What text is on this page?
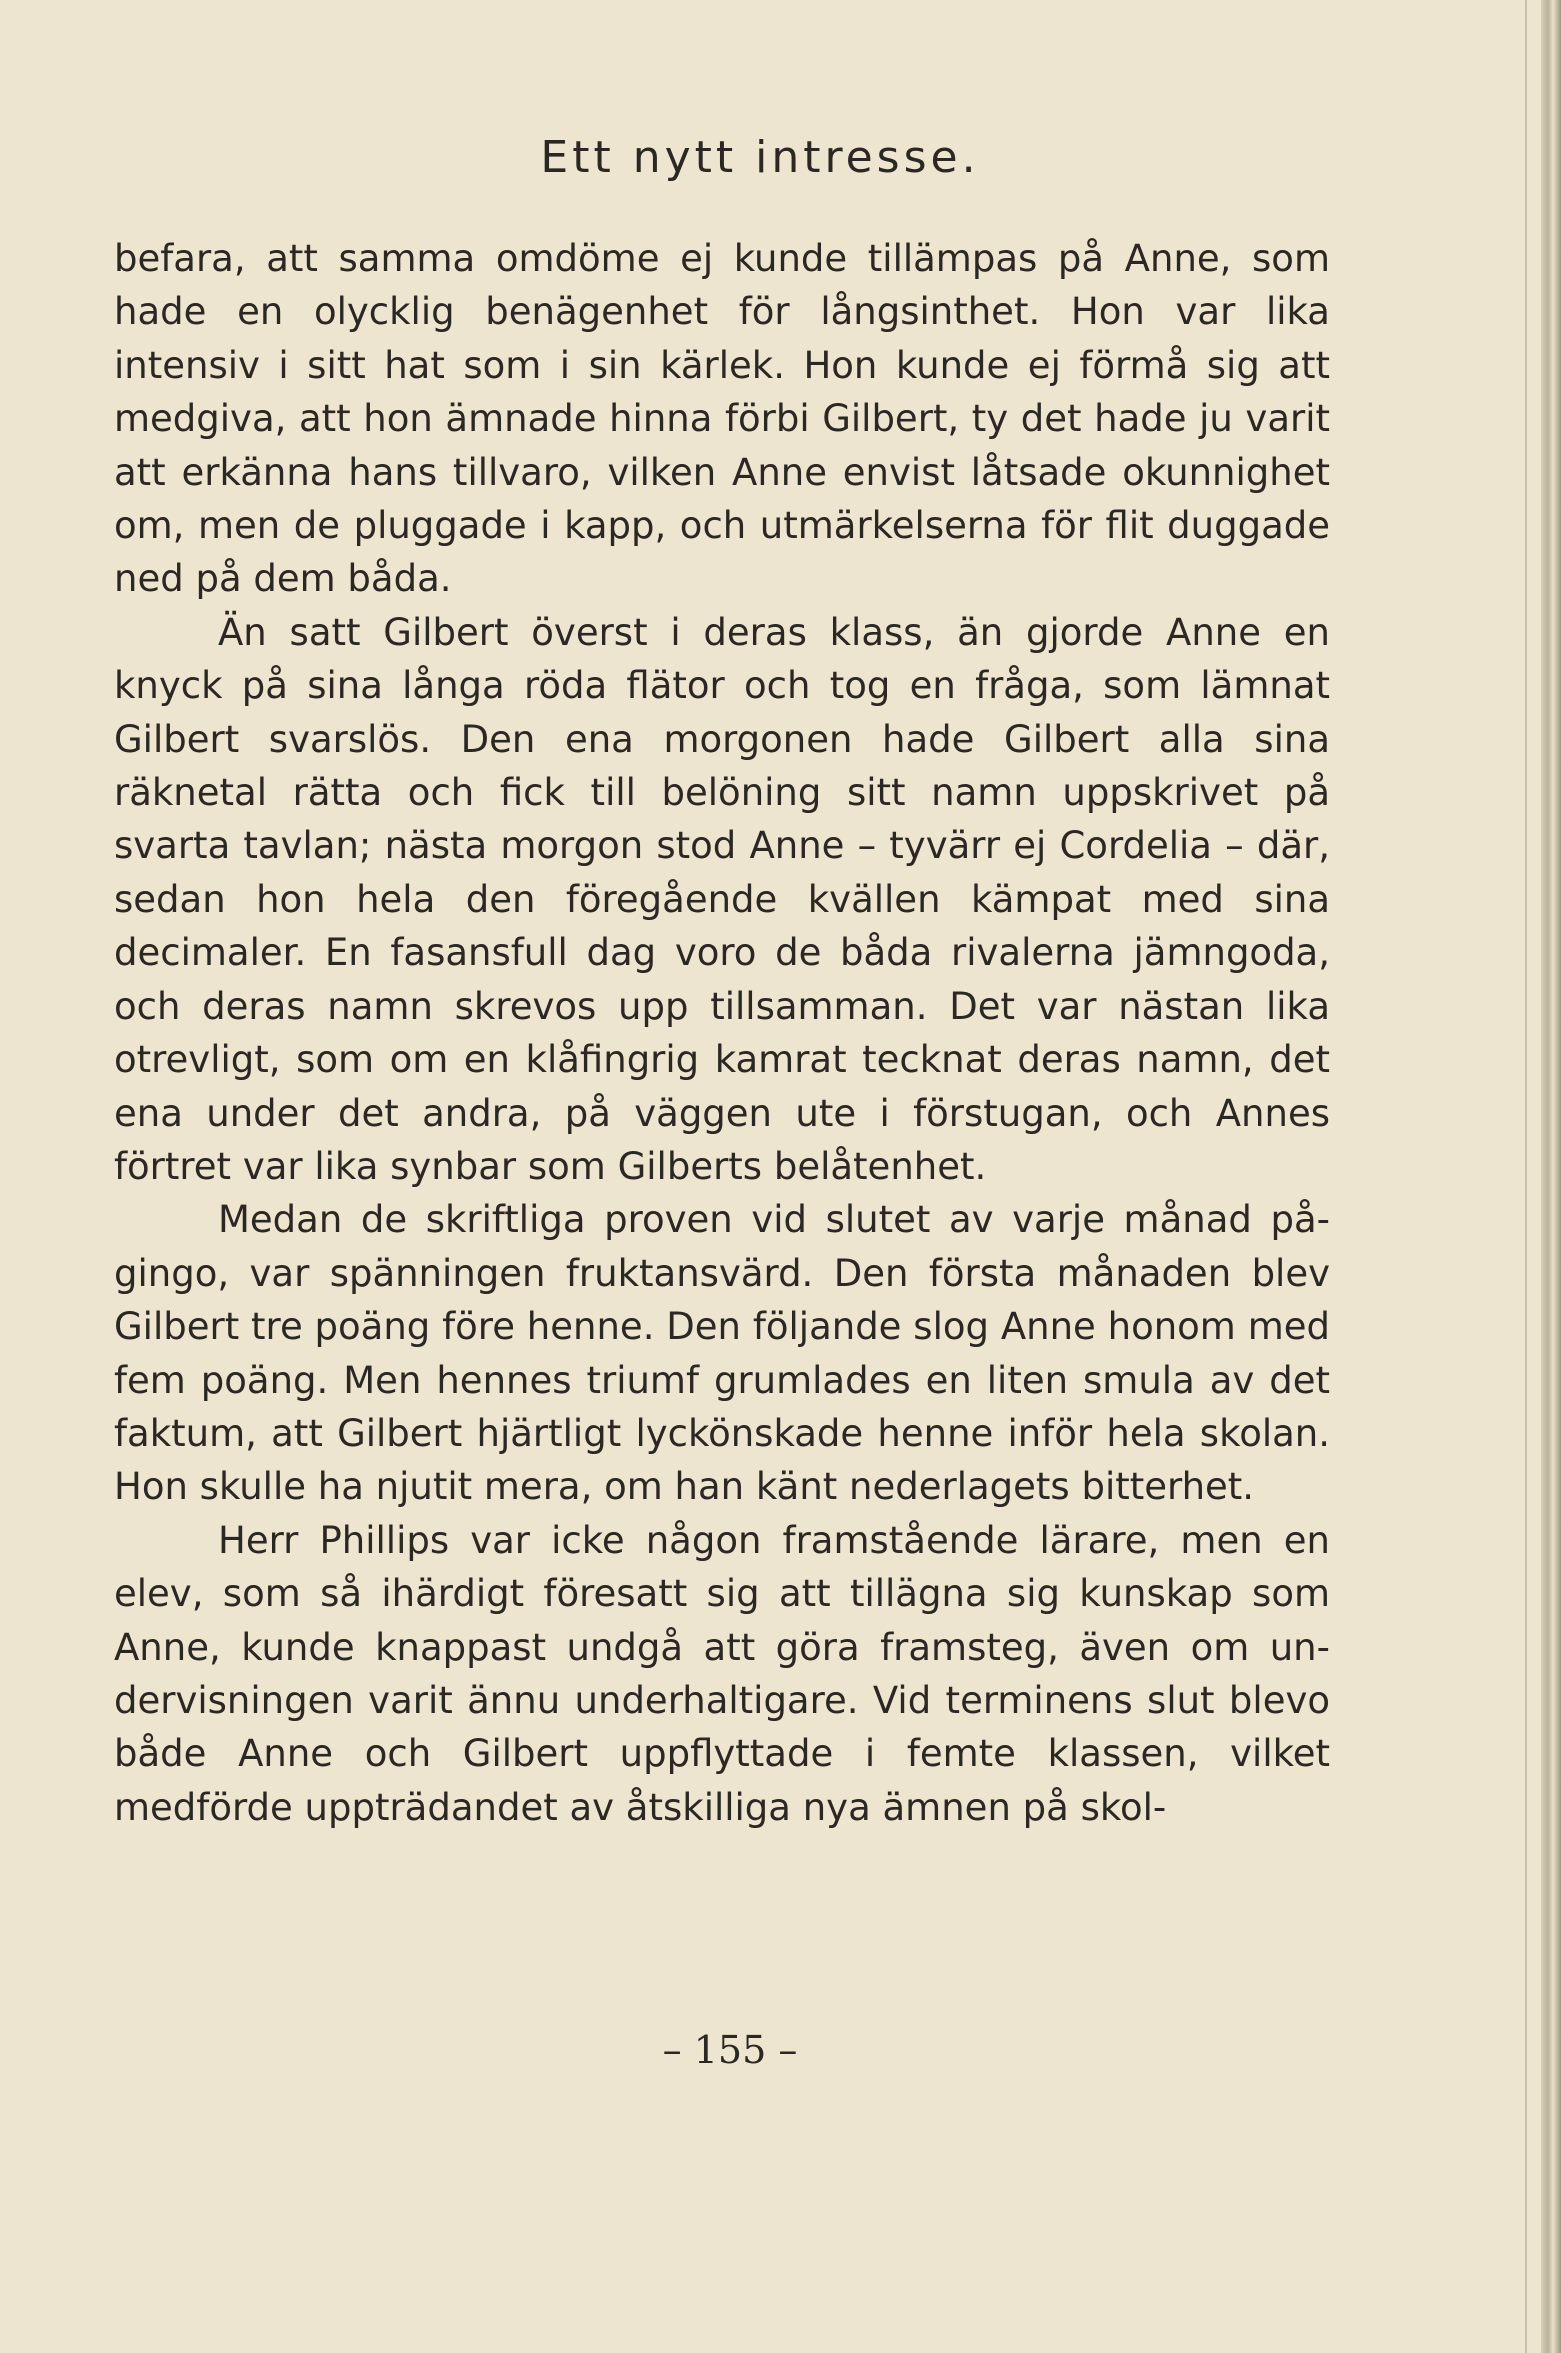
Ett nytt intresse.

befara, att samma omdöme ej kunde tillämpas på Anne, som hade en olycklig benägenhet för långsinthet. Hon var lika intensiv i sitt hat som i sin kärlek. Hon kunde ej förmå sig att medgiva, att hon ämnade hinna förbi Gilbert, ty det hade ju varit att erkänna hans tillvaro, vilken Anne envist låtsade okunnighet om, men de pluggade i kapp, och utmärkelserna för flit duggade ned på dem båda.

Än satt Gilbert överst i deras klass, än gjorde Anne en knyck på sina långa röda flätor och tog en fråga, som lämnat Gilbert svarslös. Den ena morgonen hade Gilbert alla sina räknetal rätta och fick till belöning sitt namn uppskrivet på svarta tavlan; nästa morgon stod Anne – tyvärr ej Cordelia – där, sedan hon hela den föregående kvällen kämpat med sina decimaler. En fasansfull dag voro de båda rivalerna jämngoda, och deras namn skrevos upp tillsamman. Det var nästan lika otrevligt, som om en klåfingrig kamrat tecknat deras namn, det ena under det andra, på väggen ute i förstugan, och Annes förtret var lika synbar som Gilberts belåtenhet.

Medan de skriftliga proven vid slutet av varje månad pågingo, var spänningen fruktansvärd. Den första månaden blev Gilbert tre poäng före henne. Den följande slog Anne honom med fem poäng. Men hennes triumf grumlades en liten smula av det faktum, att Gilbert hjärtligt lyckönskade henne inför hela skolan. Hon skulle ha njutit mera, om han känt nederlagets bitterhet.

Herr Phillips var icke någon framstående lärare, men en elev, som så ihärdigt föresatt sig att tillägna sig kunskap som Anne, kunde knappast undgå att göra framsteg, även om undervisningen varit ännu underhaltigare. Vid terminens slut blevo både Anne och Gilbert uppflyttade i femte klassen, vilket medförde uppträdandet av åtskilliga nya ämnen på skol-

– 155 –
